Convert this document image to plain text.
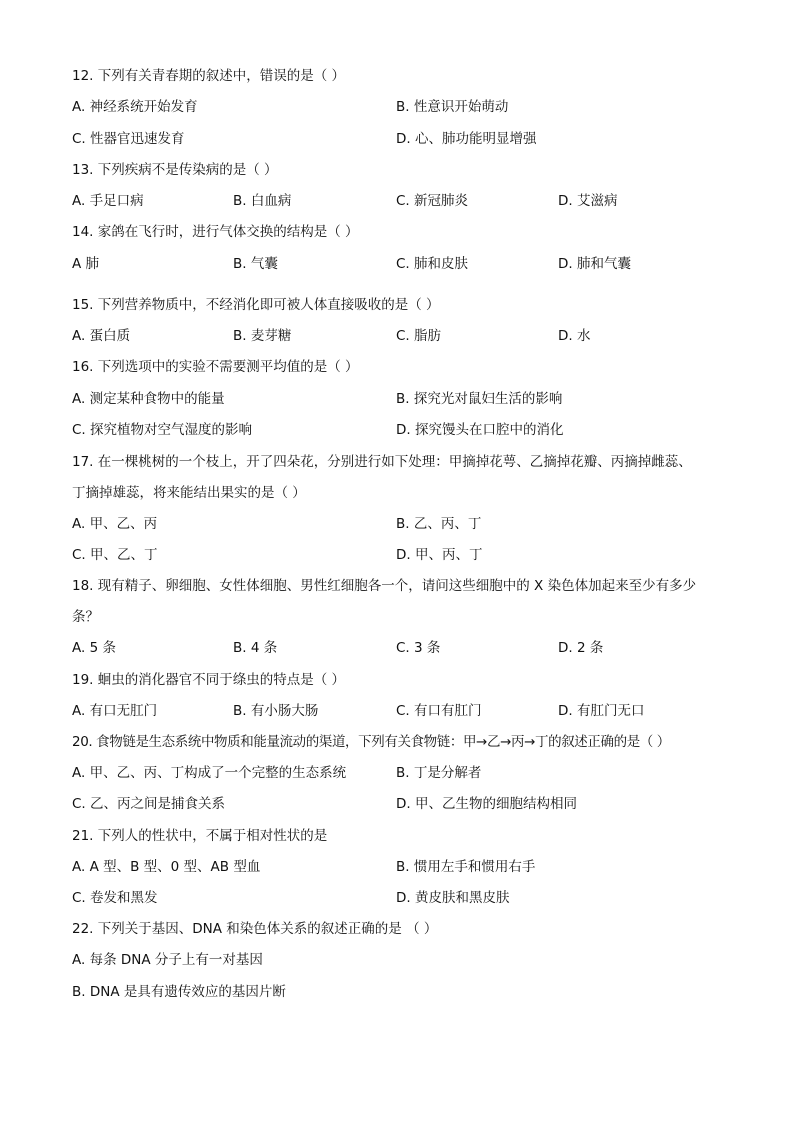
12. 下列有关青春期的叙述中，错误的是（ ）
A. 神经系统开始发育	B. 性意识开始萌动
C. 性器官迅速发育	D. 心、肺功能明显增强
13. 下列疾病不是传染病的是（ ）
A. 手足口病	B. 白血病	C. 新冠肺炎	D. 艾滋病
14. 家鸽在飞行时，进行气体交换的结构是（ ）
A 肺	B. 气囊	C. 肺和皮肤	D. 肺和气囊
15. 下列营养物质中，不经消化即可被人体直接吸收的是（ ）
A. 蛋白质	B. 麦芽糖	C. 脂肪	D. 水
16. 下列选项中的实验不需要测平均值的是（ ）
A. 测定某种食物中的能量	B. 探究光对鼠妇生活的影响
C. 探究植物对空气湿度的影响	D. 探究馒头在口腔中的消化
17. 在一棵桃树的一个枝上，开了四朵花，分别进行如下处理：甲摘掉花萼、乙摘掉花瓣、丙摘掉雌蕊、
丁摘掉雄蕊，将来能结出果实的是（ ）
A. 甲、乙、丙	B. 乙、丙、丁
C. 甲、乙、丁	D. 甲、丙、丁
18. 现有精子、卵细胞、女性体细胞、男性红细胞各一个，请问这些细胞中的 X 染色体加起来至少有多少
条？
A. 5 条	B. 4 条	C. 3 条	D. 2 条
19. 蛔虫的消化器官不同于绦虫的特点是（ ）
A. 有口无肛门	B. 有小肠大肠	C. 有口有肛门	D. 有肛门无口
20. 食物链是生态系统中物质和能量流动的渠道，下列有关食物链：甲→乙→丙→丁的叙述正确的是（ ）
A. 甲、乙、丙、丁构成了一个完整的生态系统	B. 丁是分解者
C. 乙、丙之间是捕食关系	D. 甲、乙生物的细胞结构相同
21. 下列人的性状中，不属于相对性状的是
A. A 型、B 型、0 型、AB 型血	B. 惯用左手和惯用右手
C. 卷发和黑发	D. 黄皮肤和黑皮肤
22. 下列关于基因、DNA 和染色体关系的叙述正确的是 （ ）
A. 每条 DNA 分子上有一对基因
B. DNA 是具有遗传效应的基因片断
